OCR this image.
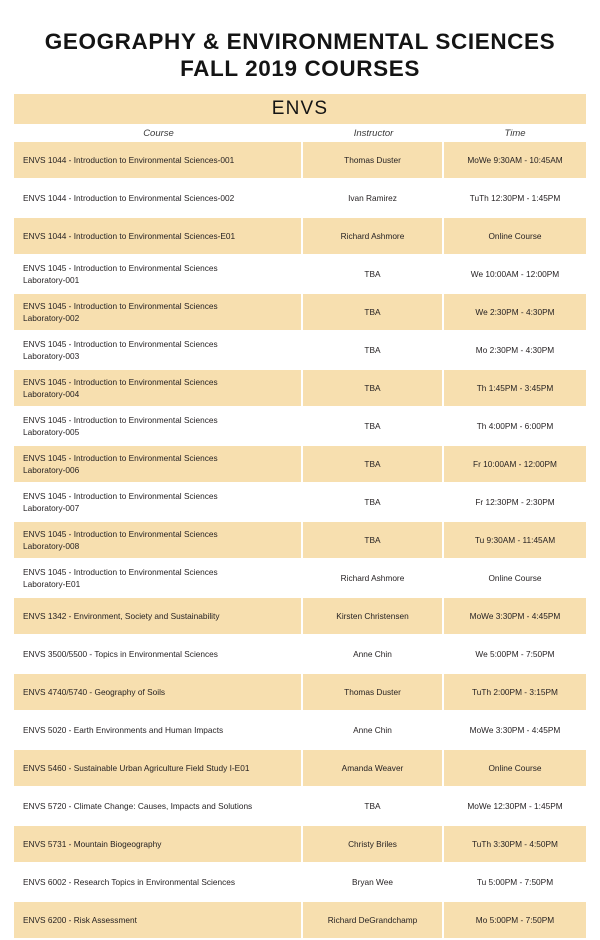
GEOGRAPHY & ENVIRONMENTAL SCIENCES
FALL 2019 COURSES
ENVS
Course	Instructor	Time

ENVS 1044 - Introduction to Environmental Sciences-001	Thomas Duster	MoWe 9:30AM - 10:45AM

ENVS 1044 - Introduction to Environmental Sciences-002	Ivan Ramirez	TuTh 12:30PM - 1:45PM

ENVS 1044 - Introduction to Environmental Sciences-E01	Richard Ashmore	Online Course

ENVS 1045 - Introduction to Environmental Sciences
Laboratory-001	TBA	We 10:00AM - 12:00PM

ENVS 1045 - Introduction to Environmental Sciences
Laboratory-002	TBA	We 2:30PM - 4:30PM

ENVS 1045 - Introduction to Environmental Sciences
Laboratory-003	TBA	Mo 2:30PM - 4:30PM

ENVS 1045 - Introduction to Environmental Sciences
Laboratory-004	TBA	Th 1:45PM - 3:45PM

ENVS 1045 - Introduction to Environmental Sciences
Laboratory-005	TBA	Th 4:00PM - 6:00PM

ENVS 1045 - Introduction to Environmental Sciences
Laboratory-006	TBA	Fr 10:00AM - 12:00PM

ENVS 1045 - Introduction to Environmental Sciences
Laboratory-007	TBA	Fr 12:30PM - 2:30PM

ENVS 1045 - Introduction to Environmental Sciences
Laboratory-008	TBA	Tu 9:30AM - 11:45AM

ENVS 1045 - Introduction to Environmental Sciences
Laboratory-E01	Richard Ashmore	Online Course

ENVS 1342 - Environment, Society and Sustainability	Kirsten Christensen	MoWe 3:30PM - 4:45PM

ENVS 3500/5500 - Topics in Environmental Sciences	Anne Chin	We 5:00PM - 7:50PM

ENVS 4740/5740 - Geography of Soils	Thomas Duster	TuTh 2:00PM - 3:15PM

ENVS 5020 - Earth Environments and Human Impacts	Anne Chin	MoWe 3:30PM - 4:45PM

ENVS 5460 - Sustainable Urban Agriculture Field Study I-E01	Amanda Weaver	Online Course

ENVS 5720 - Climate Change: Causes, Impacts and Solutions	TBA	MoWe 12:30PM - 1:45PM

ENVS 5731 - Mountain Biogeography	Christy Briles	TuTh 3:30PM - 4:50PM

ENVS 6002 - Research Topics in Environmental Sciences	Bryan Wee	Tu 5:00PM - 7:50PM

ENVS 6200 - Risk Assessment	Richard DeGrandchamp	Mo 5:00PM - 7:50PM
